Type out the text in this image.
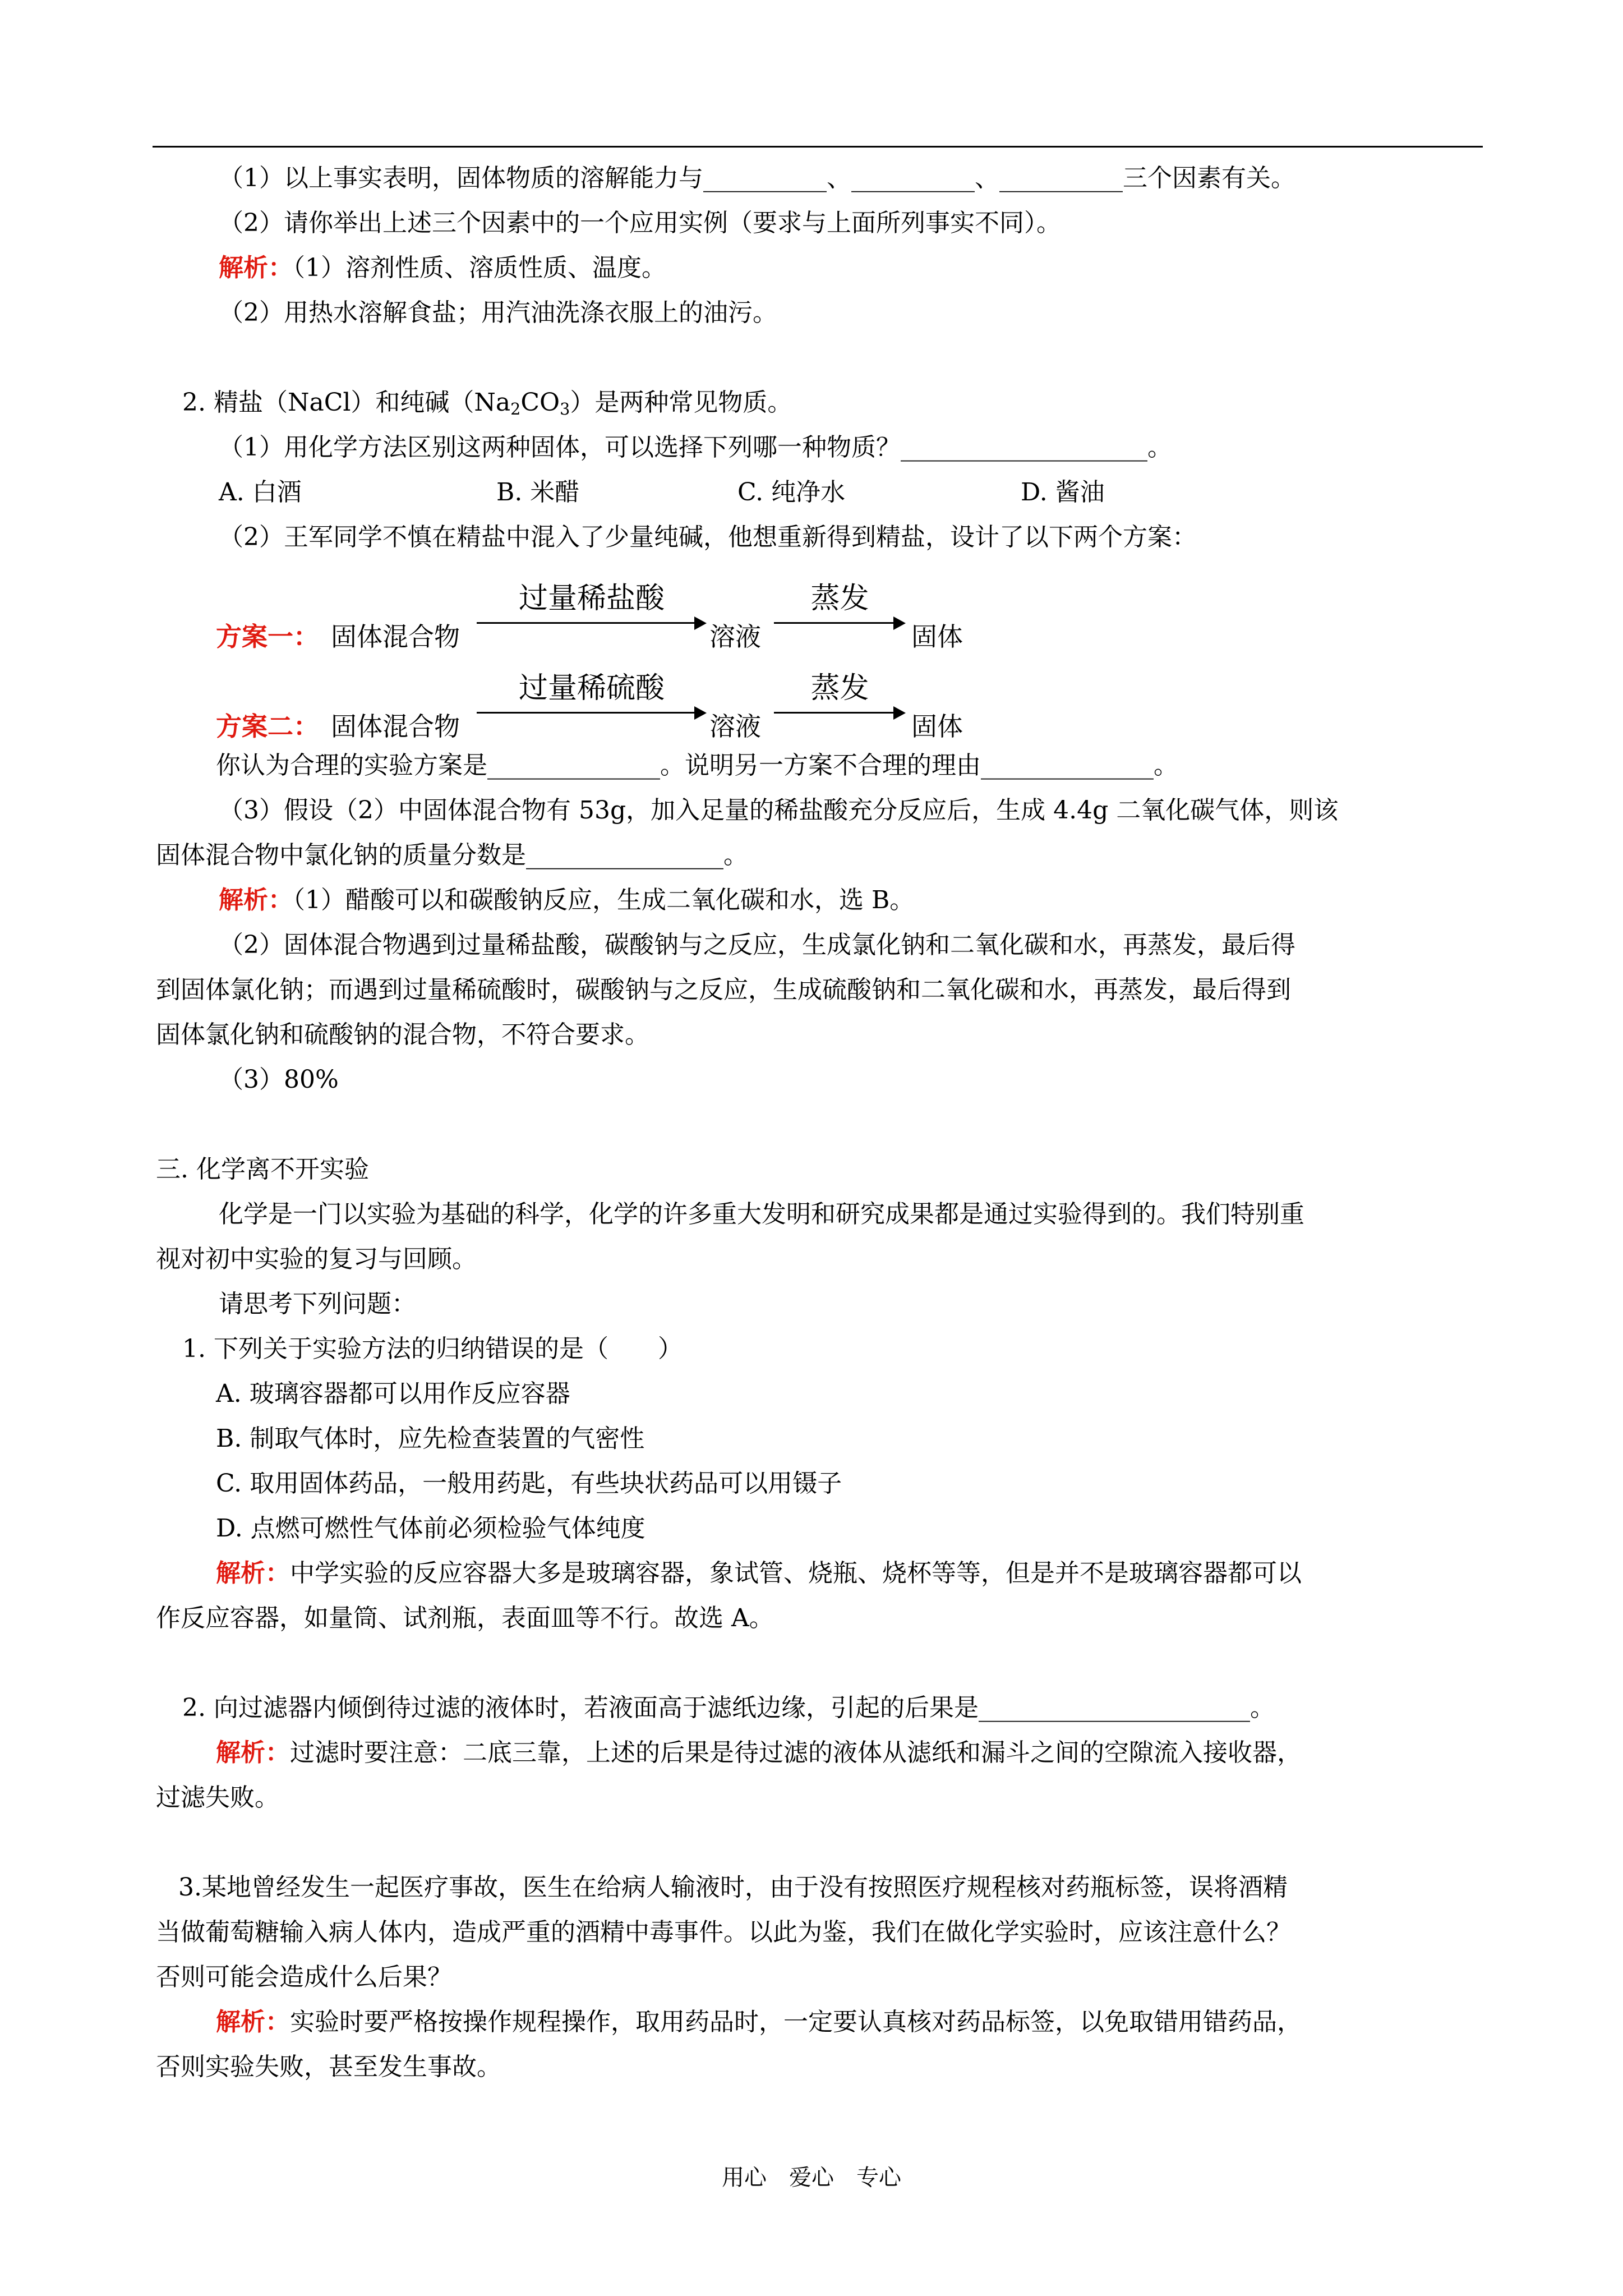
（1）以上事实表明，固体物质的溶解能力与__________、__________、__________三个因素有关。
（2）请你举出上述三个因素中的一个应用实例（要求与上面所列事实不同）。
解析：（1）溶剂性质、溶质性质、温度。
（2）用热水溶解食盐；用汽油洗涤衣服上的油污。
2. 精盐（NaCl）和纯碱$(Na_2CO_3)$是两种常见物质。
（1）用化学方法区别这两种固体，可以选择下列哪一种物质？____________________。
A. 白酒	B. 米醋	C. 纯净水	D. 酱油
（2）王军同学不慎在精盐中混入了少量纯碱，他想重新得到精盐，设计了以下两个方案：
方案一： 固体混合物
过量稀盐酸
溶液
蒸发
固体
方案二： 固体混合物
过量稀硫酸
溶液
蒸发
固体
你认为合理的实验方案是______________。说明另一方案不合理的理由______________。
（3）假设（2）中固体混合物有 53g，加入足量的稀盐酸充分反应后，生成 4.4g 二氧化碳气体，则该
固体混合物中氯化钠的质量分数是________________。
解析：（1）醋酸可以和碳酸钠反应，生成二氧化碳和水，选 B。
（2）固体混合物遇到过量稀盐酸，碳酸钠与之反应，生成氯化钠和二氧化碳和水，再蒸发，最后得
到固体氯化钠；而遇到过量稀硫酸时，碳酸钠与之反应，生成硫酸钠和二氧化碳和水，再蒸发，最后得到
固体氯化钠和硫酸钠的混合物，不符合要求。
（3）80%
三. 化学离不开实验
化学是一门以实验为基础的科学，化学的许多重大发明和研究成果都是通过实验得到的。我们特别重
视对初中实验的复习与回顾。
请思考下列问题：
1. 下列关于实验方法的归纳错误的是（　　）
A. 玻璃容器都可以用作反应容器
B. 制取气体时，应先检查装置的气密性
C. 取用固体药品，一般用药匙，有些块状药品可以用镊子
D. 点燃可燃性气体前必须检验气体纯度
解析：中学实验的反应容器大多是玻璃容器，象试管、烧瓶、烧杯等等，但是并不是玻璃容器都可以
作反应容器，如量筒、试剂瓶，表面皿等不行。故选 A。
2. 向过滤器内倾倒待过滤的液体时，若液面高于滤纸边缘，引起的后果是______________________。
解析：过滤时要注意：二底三靠，上述的后果是待过滤的液体从滤纸和漏斗之间的空隙流入接收器，
过滤失败。
3.某地曾经发生一起医疗事故，医生在给病人输液时，由于没有按照医疗规程核对药瓶标签，误将酒精
当做葡萄糖输入病人体内，造成严重的酒精中毒事件。以此为鉴，我们在做化学实验时，应该注意什么？
否则可能会造成什么后果？
解析：实验时要严格按操作规程操作，取用药品时，一定要认真核对药品标签，以免取错用错药品，
否则实验失败，甚至发生事故。
用心　爱心　专心
